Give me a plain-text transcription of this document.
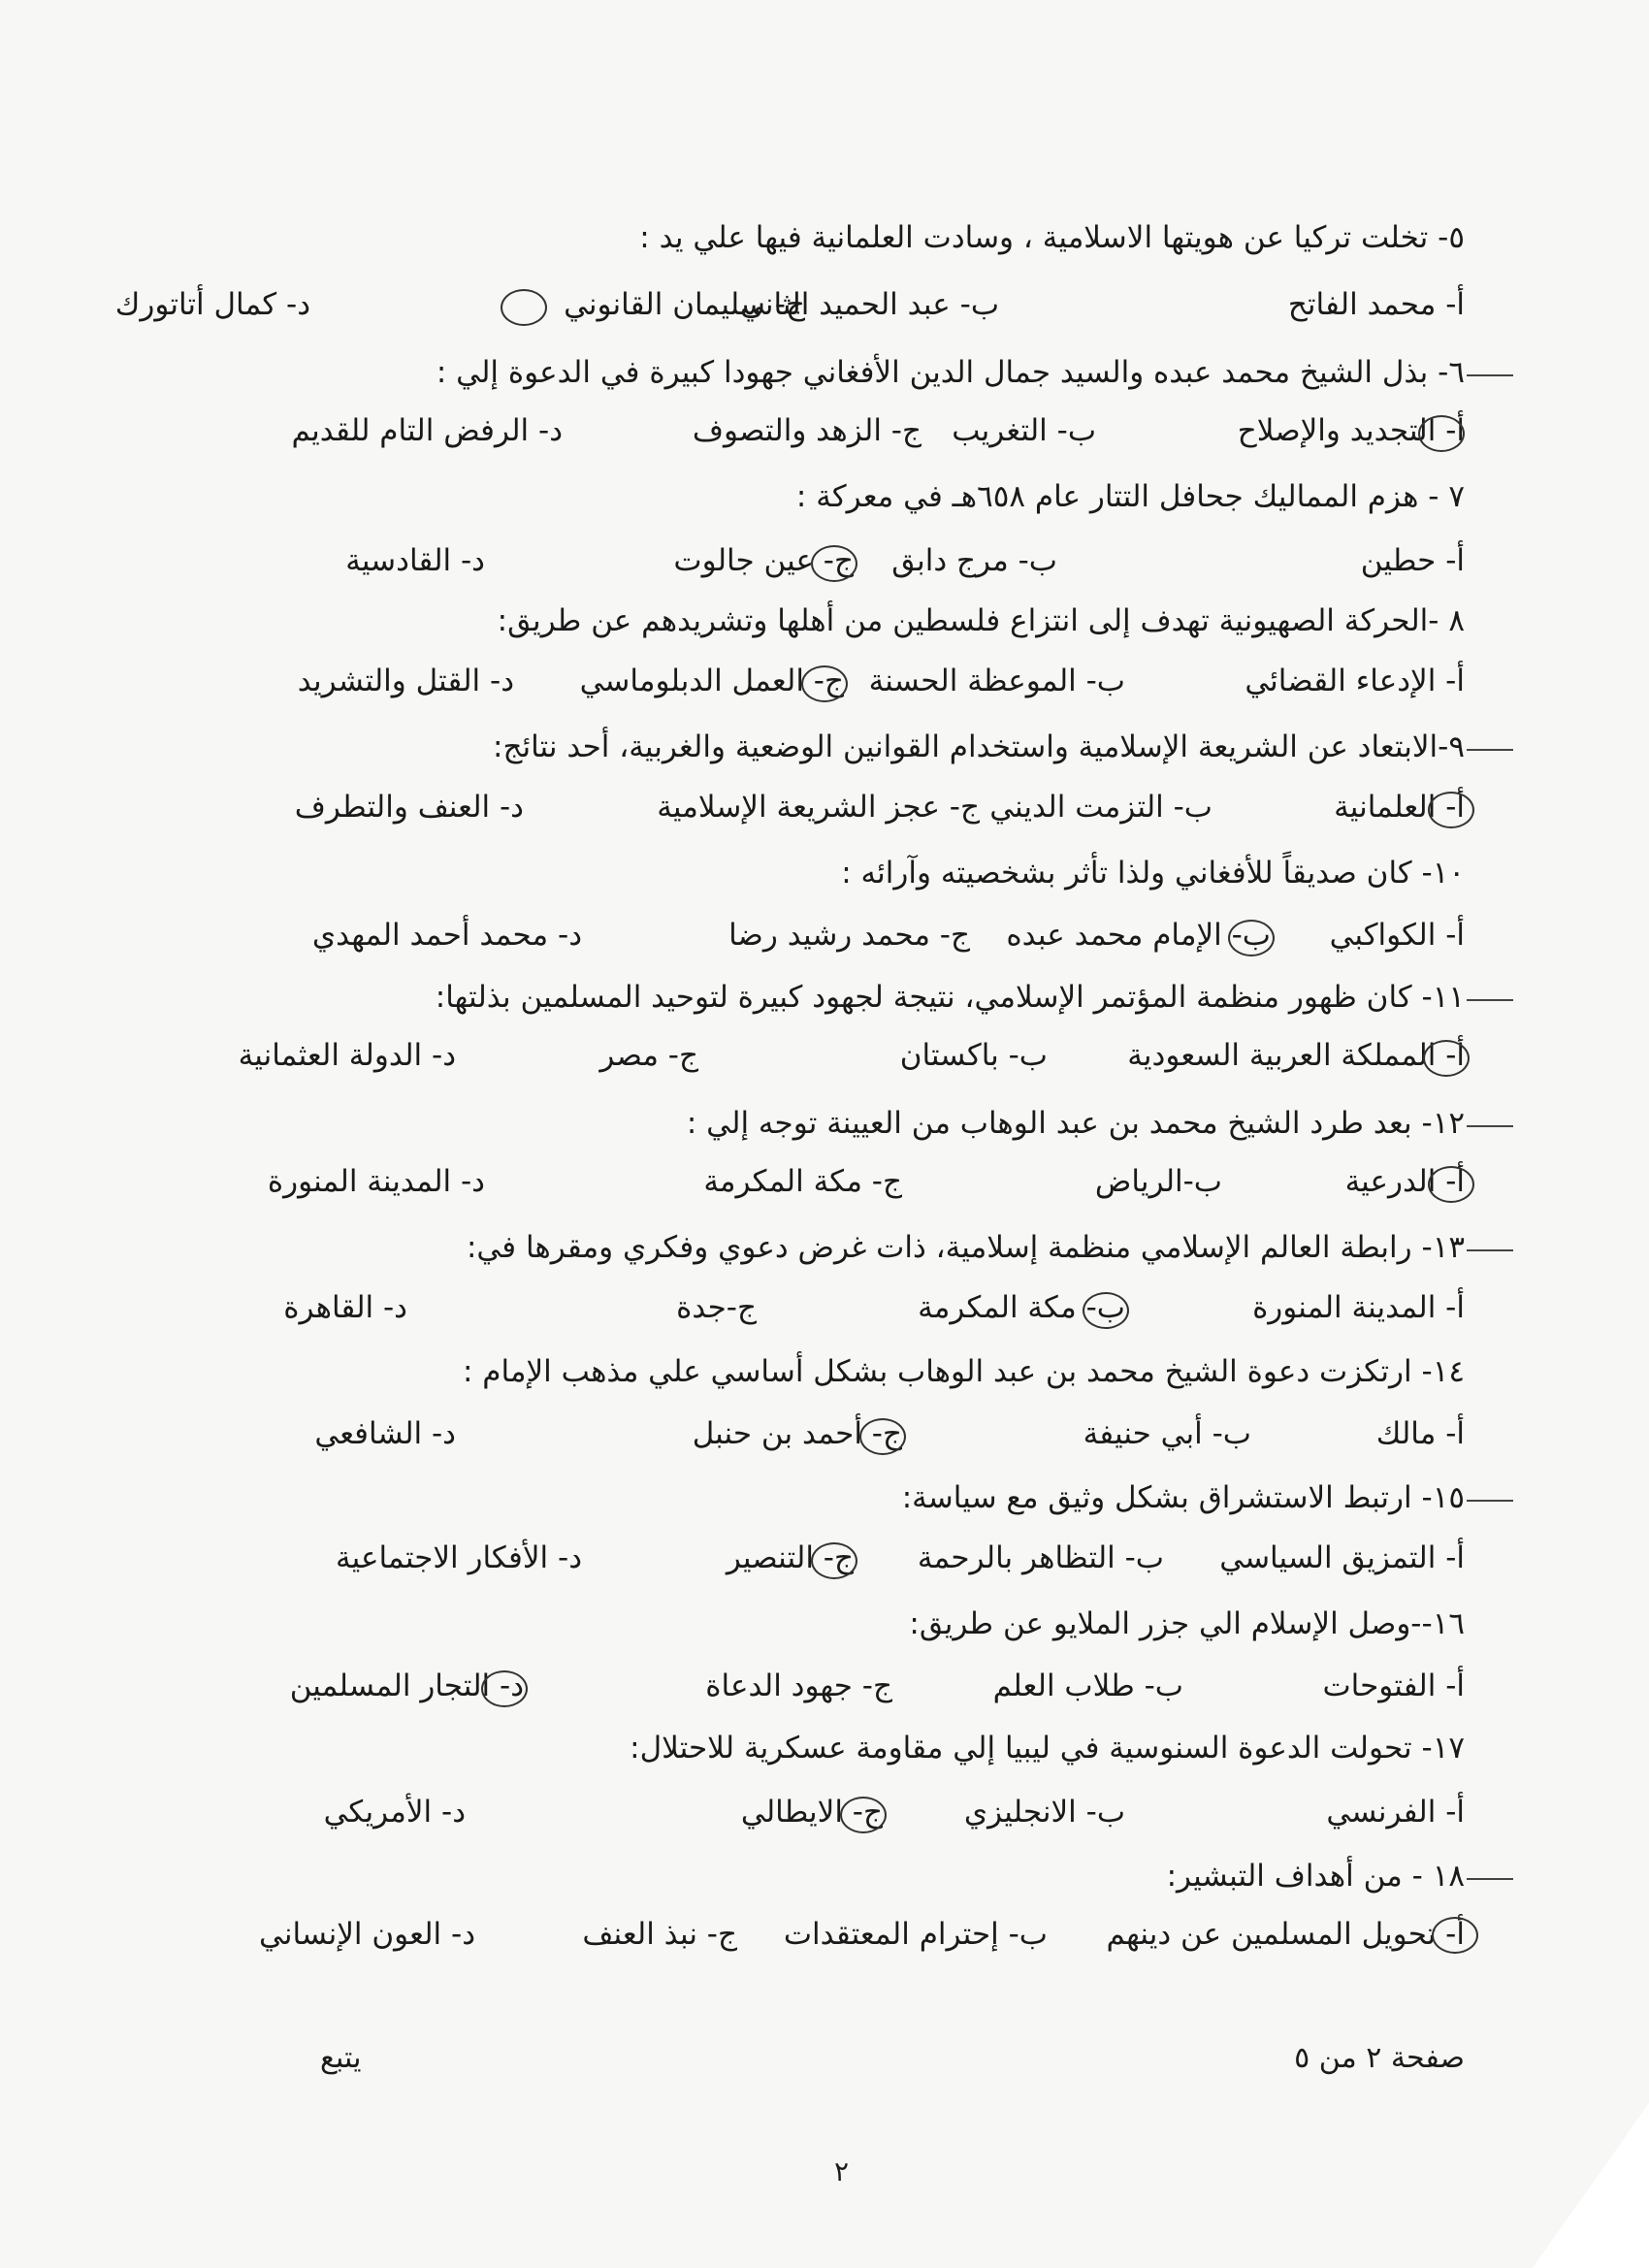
٥- تخلت تركيا عن هويتها الاسلامية ، وسادت العلمانية فيها علي يد :
أ- محمد الفاتح
ب- عبد الحميد الثاني
ج- سليمان القانوني
د- كمال أتاتورك
٦- بذل الشيخ محمد عبده والسيد جمال الدين الأفغاني جهودا كبيرة في الدعوة إلي :
أ- التجديد والإصلاح
ب- التغريب
ج- الزهد والتصوف
د- الرفض التام للقديم
٧ - هزم المماليك جحافل التتار عام ٦٥٨هـ في معركة :
أ- حطين
ب- مرج دابق
ج- عين جالوت
د- القادسية
٨ -الحركة الصهيونية تهدف إلى انتزاع فلسطين من أهلها وتشريدهم عن طريق:
أ- الإدعاء القضائي
ب- الموعظة الحسنة
ج- العمل الدبلوماسي
د- القتل والتشريد
٩-الابتعاد عن الشريعة الإسلامية واستخدام القوانين الوضعية والغربية، أحد نتائج:
أ- العلمانية
ب- التزمت الديني
ج- عجز الشريعة الإسلامية
د- العنف والتطرف
١٠- كان صديقاً للأفغاني ولذا تأثر بشخصيته وآرائه :
أ- الكواكبي
ب- الإمام محمد عبده
ج- محمد رشيد رضا
د- محمد أحمد المهدي
١١- كان ظهور منظمة المؤتمر الإسلامي، نتيجة لجهود كبيرة لتوحيد المسلمين بذلتها:
أ- المملكة العربية السعودية
ب- باكستان
ج- مصر
د- الدولة العثمانية
١٢- بعد طرد الشيخ محمد بن عبد الوهاب من العيينة توجه إلي :
أ- الدرعية
ب-الرياض
ج- مكة المكرمة
د- المدينة المنورة
١٣- رابطة العالم الإسلامي منظمة إسلامية، ذات غرض دعوي وفكري ومقرها في:
أ- المدينة المنورة
ب- مكة المكرمة
ج-جدة
د- القاهرة
١٤- ارتكزت دعوة الشيخ محمد بن عبد الوهاب بشكل أساسي علي مذهب الإمام :
أ- مالك
ب- أبي حنيفة
ج- أحمد بن حنبل
د- الشافعي
١٥- ارتبط الاستشراق بشكل وثيق مع سياسة:
أ- التمزيق السياسي
ب- التظاهر بالرحمة
ج- التنصير
د- الأفكار الاجتماعية
١٦--وصل الإسلام الي جزر الملايو عن طريق:
أ- الفتوحات
ب- طلاب العلم
ج- جهود الدعاة
د- التجار المسلمين
١٧- تحولت الدعوة السنوسية في ليبيا إلي مقاومة عسكرية للاحتلال:
أ- الفرنسي
ب- الانجليزي
ج- الايطالي
د- الأمريكي
١٨ - من أهداف التبشير:
أ- تحويل المسلمين عن دينهم
ب- إحترام المعتقدات
ج- نبذ العنف
د- العون الإنساني
صفحة ٢ من ٥
يتبع
٢
